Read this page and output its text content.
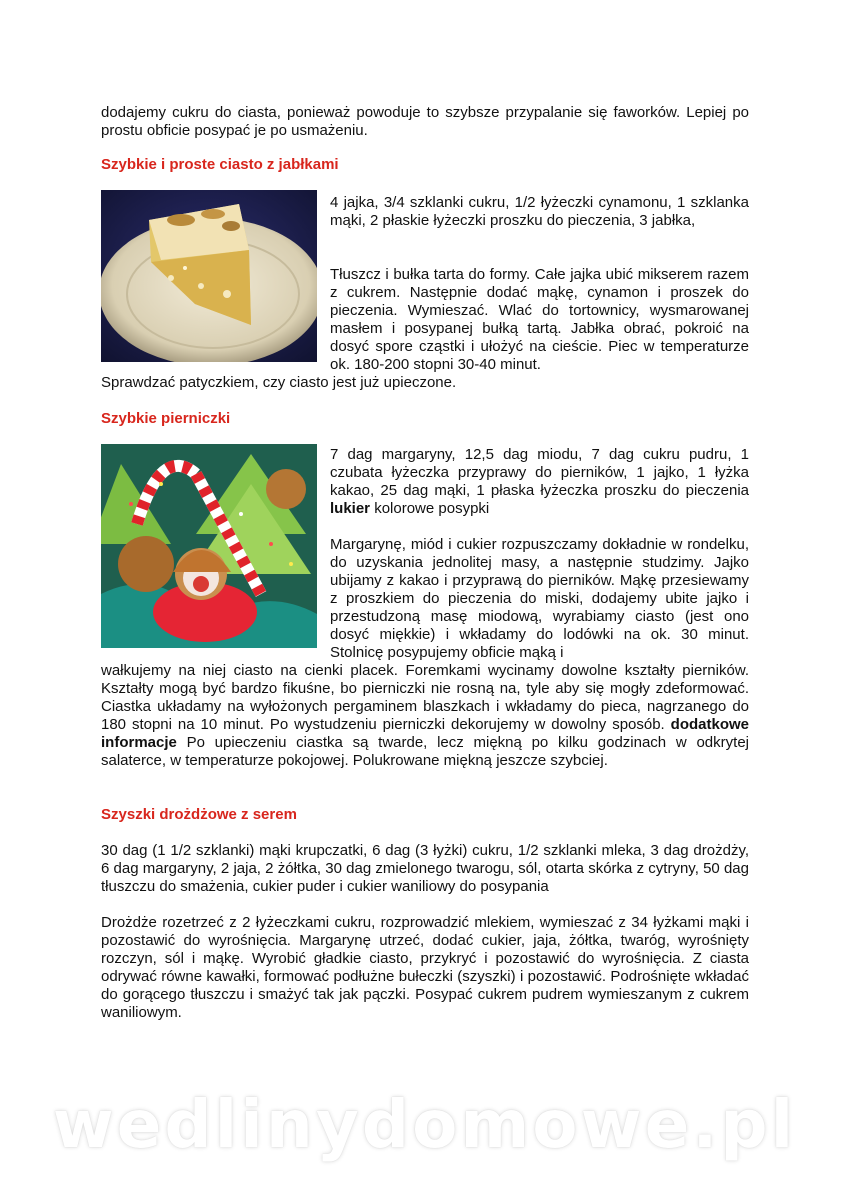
dodajemy cukru do ciasta, ponieważ powoduje to szybsze przypalanie się faworków. Lepiej po prostu obficie posypać je po usmażeniu.

Szybkie i proste ciasto z jabłkami

4 jajka, 3/4 szklanki cukru, 1/2 łyżeczki cynamonu, 1 szklanka mąki, 2 płaskie łyżeczki proszku do pieczenia, 3 jabłka,

Tłuszcz i bułka tarta do formy. Całe jajka ubić mikserem razem z cukrem. Następnie dodać mąkę, cynamon i proszek do pieczenia. Wymieszać. Wlać do tortownicy, wysmarowanej masłem i posypanej bułką tartą. Jabłka obrać, pokroić na dosyć spore cząstki i ułożyć na cieście. Piec w temperaturze ok. 180-200 stopni 30-40 minut.

Sprawdzać patyczkiem, czy ciasto jest już upieczone.

Szybkie pierniczki

7 dag margaryny, 12,5 dag miodu, 7 dag cukru pudru, 1 czubata łyżeczka przyprawy do pierników, 1 jajko, 1 łyżka kakao, 25 dag mąki, 1 płaska łyżeczka proszku do pieczenia lukier kolorowe posypki

Margarynę, miód i cukier rozpuszczamy dokładnie w rondelku, do uzyskania jednolitej masy, a następnie studzimy. Jajko ubijamy z kakao i przyprawą do pierników. Mąkę przesiewamy z proszkiem do pieczenia do miski, dodajemy ubite jajko i przestudzoną masę miodową, wyrabiamy ciasto (jest ono dosyć miękkie) i wkładamy do lodówki na ok. 30 minut. Stolnicę posypujemy obficie mąką i

wałkujemy na niej ciasto na cienki placek. Foremkami wycinamy dowolne kształty pierników. Kształty mogą być bardzo fikuśne, bo pierniczki nie rosną na, tyle aby się mogły zdeformować. Ciastka układamy na wyłożonych pergaminem blaszkach i wkładamy do pieca, nagrzanego do 180 stopni na 10 minut. Po wystudzeniu pierniczki dekorujemy w dowolny sposób. dodatkowe informacje Po upieczeniu ciastka są twarde, lecz miękną po kilku godzinach w odkrytej salaterce, w temperaturze pokojowej. Polukrowane miękną jeszcze szybciej.

Szyszki drożdżowe z serem

30 dag (1 1/2 szklanki) mąki krupczatki, 6 dag (3 łyżki) cukru, 1/2 szklanki mleka, 3 dag drożdży, 6 dag margaryny, 2 jaja, 2 żółtka, 30 dag zmielonego twarogu, sól, otarta skórka z cytryny, 50 dag tłuszczu do smażenia, cukier puder i cukier waniliowy do posypania

Drożdże rozetrzeć z 2 łyżeczkami cukru, rozprowadzić mlekiem, wymieszać z 34 łyżkami mąki i pozostawić do wyrośnięcia. Margarynę utrzeć, dodać cukier, jaja, żółtka, twaróg, wyrośnięty rozczyn, sól i mąkę. Wyrobić gładkie ciasto, przykryć i pozostawić do wyrośnięcia. Z ciasta odrywać równe kawałki, formować podłużne bułeczki (szyszki) i pozostawić. Podrośnięte wkładać do gorącego tłuszczu i smażyć tak jak pączki. Posypać cukrem pudrem wymieszanym z cukrem waniliowym.

wedlinydomowe.pl
